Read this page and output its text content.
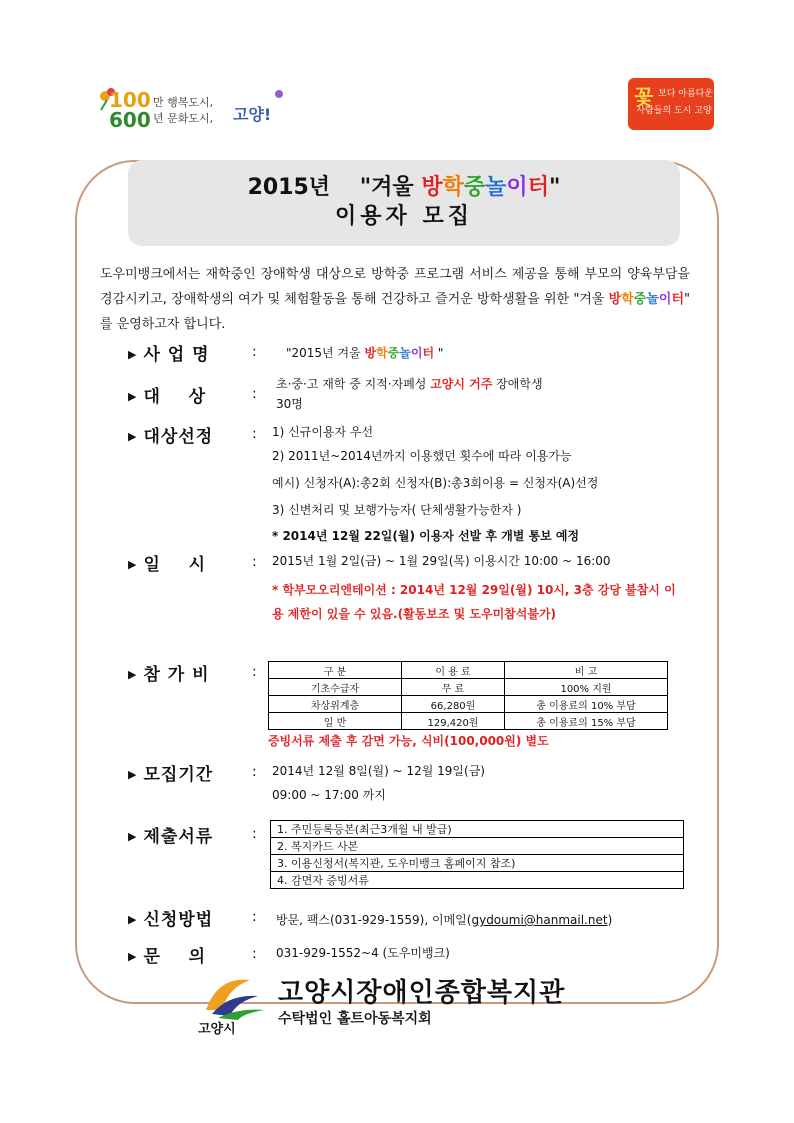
100
600
만 행복도시,
년 문화도시, 고양!
꽃 보다 아름다운
사람들의 도시 고양
2015년 "겨울 방학중놀이터"
이용자 모집
도우미뱅크에서는 재학중인 장애학생 대상으로 방학중 프로그램 서비스 제공을 통해 부모의 양육부담을 경감시키고, 장애학생의 여가 및 체험활동을 통해 건강하고 즐거운 방학생활을 위한 "겨울 방학중놀이터" 를 운영하고자 합니다.
▶ 사 업 명	: "2015년 겨울 방학중놀이터 "
▶ 대    상	:
초·중·고 재학 중 지적·자폐성 고양시 거주 장애학생
30명
▶ 대상선정	: 1) 신규이용자 우선
2) 2011년~2014년까지 이용했던 횟수에 따라 이용가능
예시) 신청자(A):총2회 신청자(B):총3회이용 = 신청자(A)선정
3) 신변처리 및 보행가능자( 단체생활가능한자 )
* 2014년 12월 22일(월) 이용자 선발 후 개별 통보 예정
▶ 일    시	: 2015년 1월 2일(금) ~ 1월 29일(목) 이용시간 10:00 ~ 16:00
* 학부모오리엔테이션 : 2014년 12월 29일(월) 10시, 3층 강당 불참시 이용 제한이 있을 수 있음.(활동보조 및 도우미참석불가)
▶ 참 가 비	:	구 분	이 용 료	비 고
기초수급자	무 료	100% 지원
차상위계층	66,280원	총 이용료의 10% 부담
일 반	129,420원	총 이용료의 15% 부담
증빙서류 제출 후 감면 가능, 식비(100,000원) 별도
▶ 모집기간	: 2014년 12월 8일(월) ~ 12월 19일(금)
09:00 ~ 17:00 까지
▶ 제출서류	: 1. 주민등록등본(최근3개월 내 발급)
2. 복지카드 사본
3. 이용신청서(복지관, 도우미뱅크 홈페이지 참조)
4. 감면자 증빙서류
▶ 신청방법	: 방문, 팩스(031-929-1559), 이메일(gydoumi@hanmail.net)
▶ 문    의	: 031-929-1552~4 (도우미뱅크)
고양시
고양시장애인종합복지관
수탁법인 홀트아동복지회
